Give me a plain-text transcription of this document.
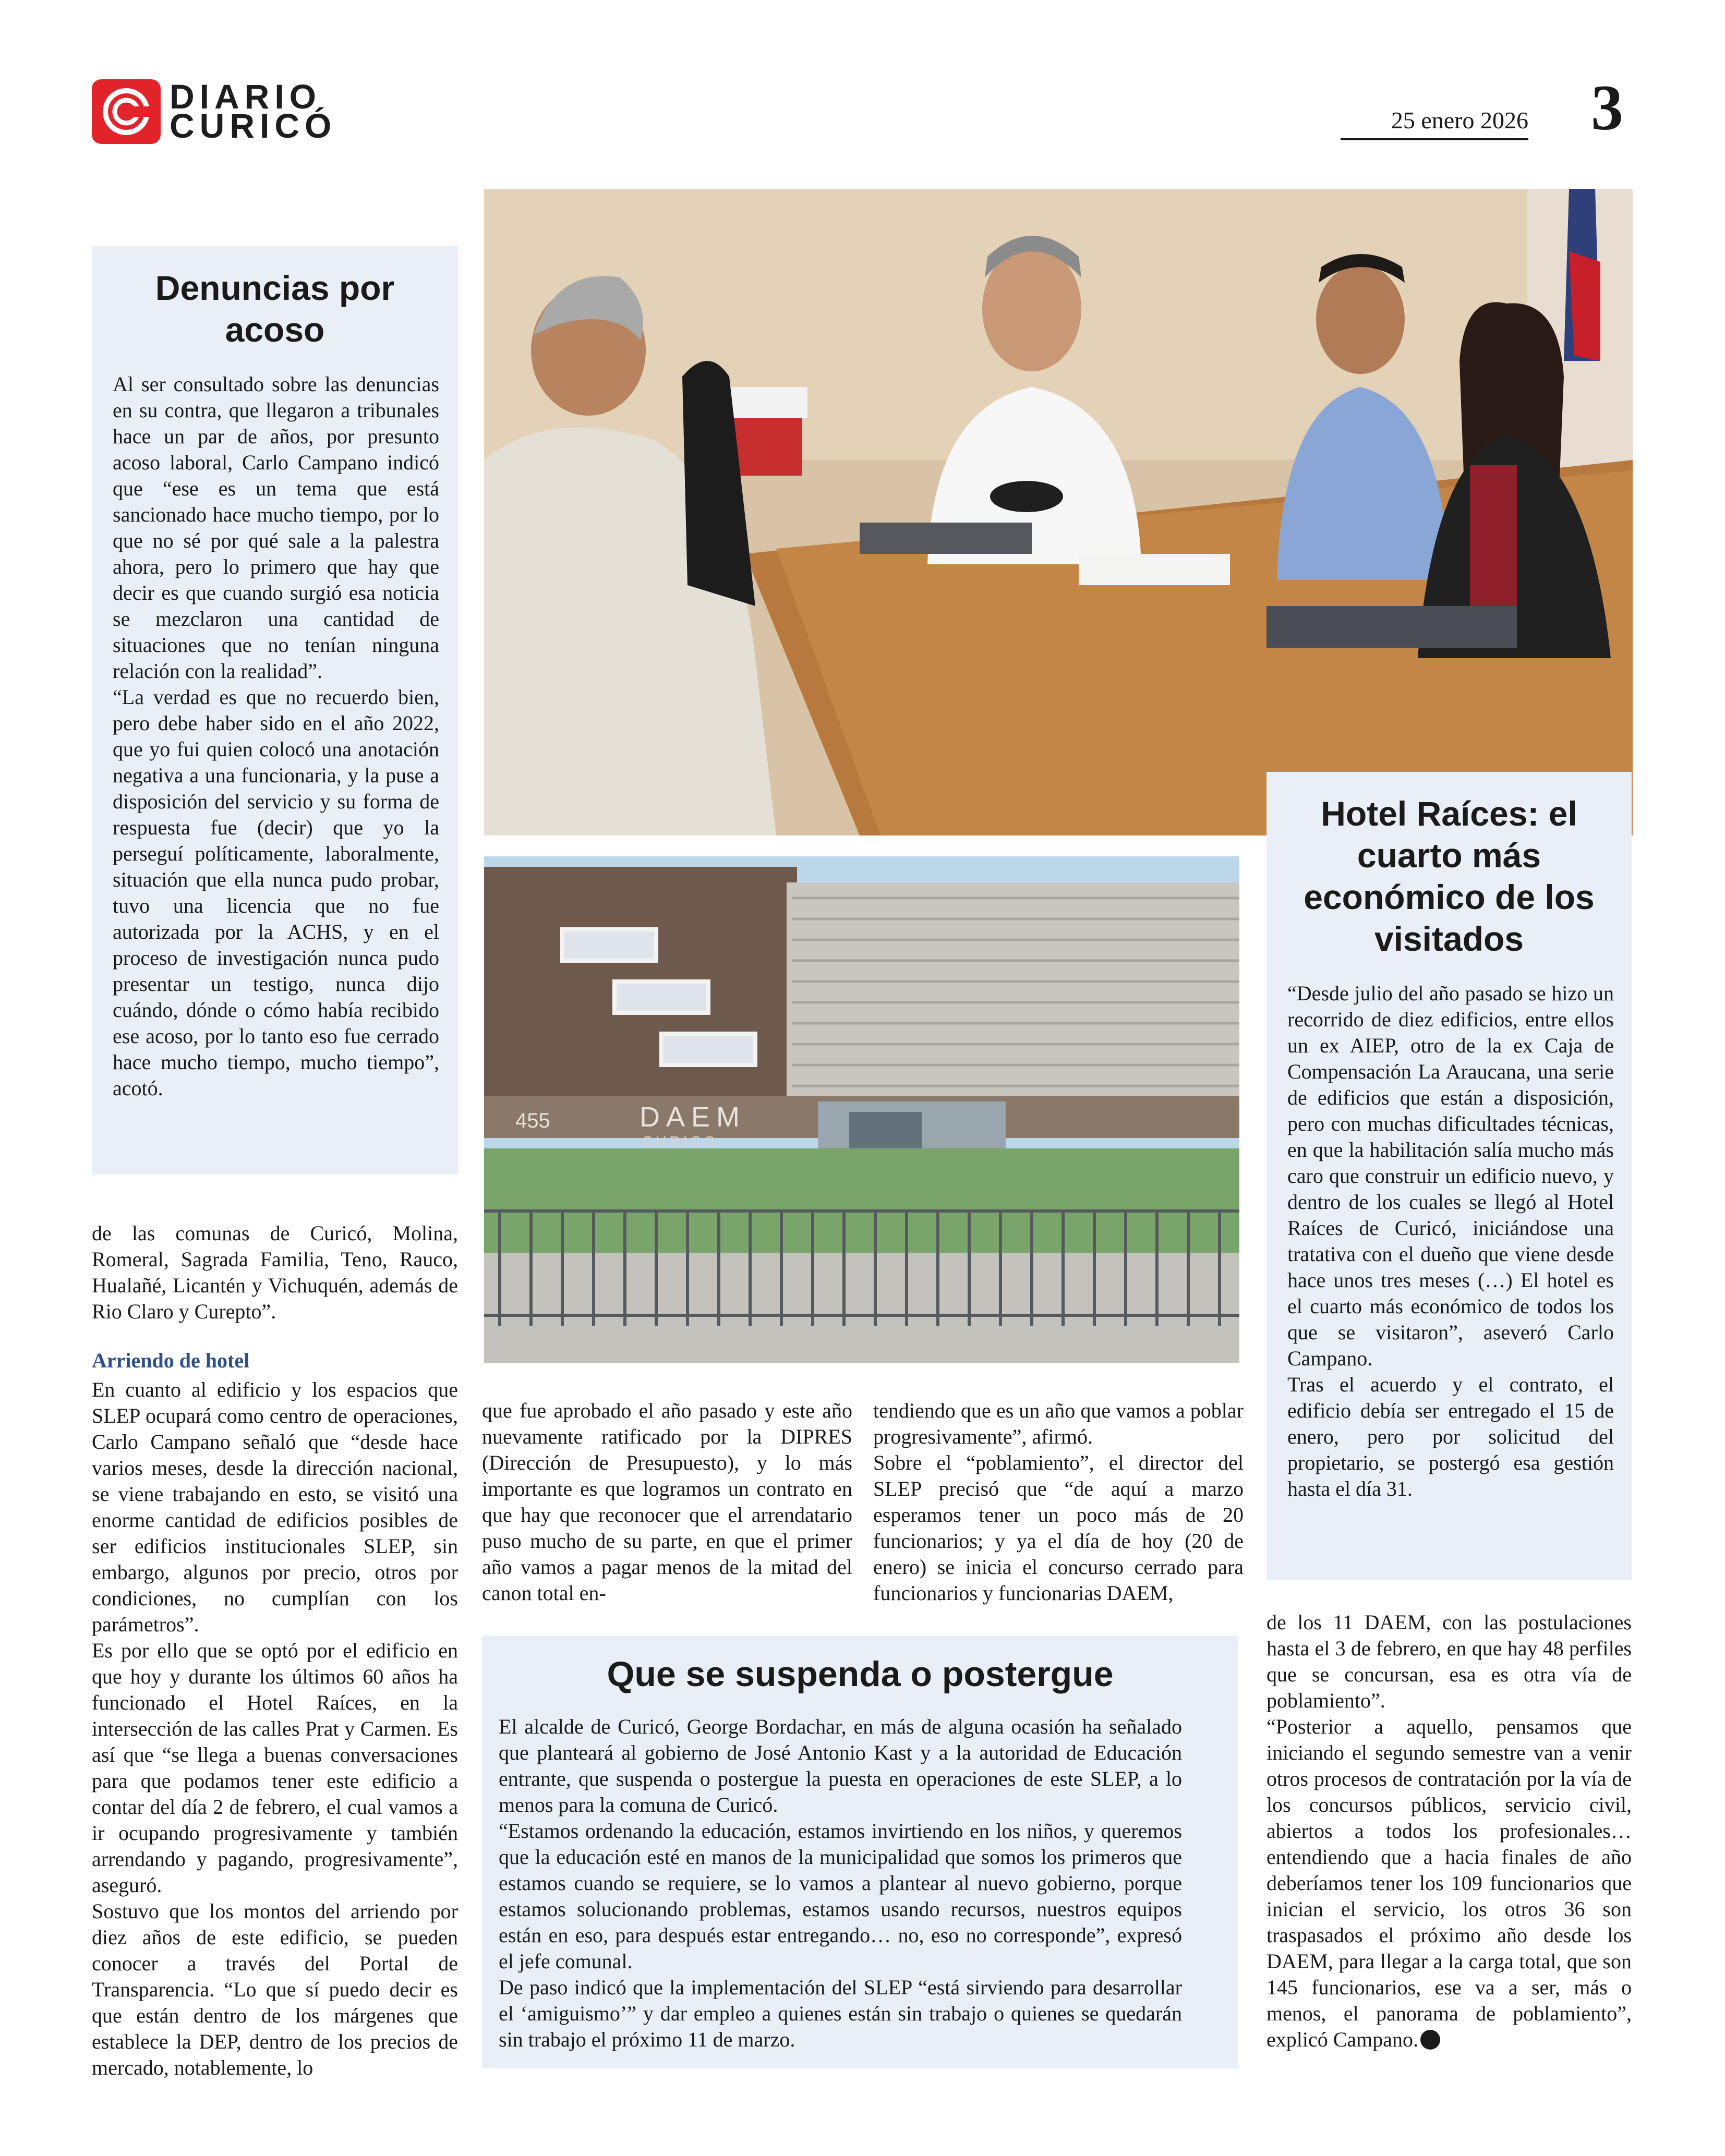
DIARIO
CURICÓ	25 enero 2026 3
455	DAEM
CURICO
Denuncias por acoso

Al ser consultado sobre las denuncias en su contra, que llegaron a tribunales hace un par de años, por presunto acoso laboral, Carlo Campano indicó que “ese es un tema que está sancionado hace mucho tiempo, por lo que no sé por qué sale a la palestra ahora, pero lo primero que hay que decir es que cuando surgió esa noticia se mezclaron una cantidad de situaciones que no tenían ninguna relación con la realidad”.

“La verdad es que no recuerdo bien, pero debe haber sido en el año 2022, que yo fui quien colocó una anotación negativa a una funcionaria, y la puse a disposición del servicio y su forma de respuesta fue (decir) que yo la perseguí políticamente, laboralmente, situación que ella nunca pudo probar, tuvo una licencia que no fue autorizada por la ACHS, y en el proceso de investigación nunca pudo presentar un testigo, nunca dijo cuándo, dónde o cómo había recibido ese acoso, por lo tanto eso fue cerrado hace mucho tiempo, mucho tiempo”, acotó.

Hotel Raíces: el cuarto más económico de los visitados

“Desde julio del año pasado se hizo un recorrido de diez edificios, entre ellos un ex AIEP, otro de la ex Caja de Compensación La Araucana, una serie de edificios que están a disposición, pero con muchas dificultades técnicas, en que la habilitación salía mucho más caro que construir un edificio nuevo, y dentro de los cuales se llegó al Hotel Raíces de Curicó, iniciándose una tratativa con el dueño que viene desde hace unos tres meses (…) El hotel es el cuarto más económico de todos los que se visitaron”, aseveró Carlo Campano.

Tras el acuerdo y el contrato, el edificio debía ser entregado el 15 de enero, pero por solicitud del propietario, se postergó esa gestión hasta el día 31.

de las comunas de Curicó, Molina, Romeral, Sagrada Familia, Teno, Rauco, Hualañé, Licantén y Vichuquén, además de Rio Claro y Curepto”.

Arriendo de hotel

En cuanto al edificio y los espacios que SLEP ocupará como centro de operaciones, Carlo Campano señaló que “desde hace varios meses, desde la dirección nacional, se viene trabajando en esto, se visitó una enorme cantidad de edificios posibles de ser edificios institucionales SLEP, sin embargo, algunos por precio, otros por condiciones, no cumplían con los parámetros”.

Es por ello que se optó por el edificio en que hoy y durante los últimos 60 años ha funcionado el Hotel Raíces, en la intersección de las calles Prat y Carmen. Es así que “se llega a buenas conversaciones para que podamos tener este edificio a contar del día 2 de febrero, el cual vamos a ir ocupando progresivamente y también arrendando y pagando, progresivamente”, aseguró.

Sostuvo que los montos del arriendo por diez años de este edificio, se pueden conocer a través del Portal de Transparencia. “Lo que sí puedo decir es que están dentro de los márgenes que establece la DEP, dentro de los precios de mercado, notablemente, lo

que fue aprobado el año pasado y este año nuevamente ratificado por la DIPRES (Dirección de Presupuesto), y lo más importante es que logramos un contrato en que hay que reconocer que el arrendatario puso mucho de su parte, en que el primer año vamos a pagar menos de la mitad del canon total en-

tendiendo que es un año que vamos a poblar progresivamente”, afirmó.

Sobre el “poblamiento”, el director del SLEP precisó que “de aquí a marzo esperamos tener un poco más de 20 funcionarios; y ya el día de hoy (20 de enero) se inicia el concurso cerrado para funcionarios y funcionarias DAEM,

Que se suspenda o postergue

El alcalde de Curicó, George Bordachar, en más de alguna ocasión ha señalado que planteará al gobierno de José Antonio Kast y a la autoridad de Educación entrante, que suspenda o postergue la puesta en operaciones de este SLEP, a lo menos para la comuna de Curicó.

“Estamos ordenando la educación, estamos invirtiendo en los niños, y queremos que la educación esté en manos de la municipalidad que somos los primeros que estamos cuando se requiere, se lo vamos a plantear al nuevo gobierno, porque estamos solucionando problemas, estamos usando recursos, nuestros equipos están en eso, para después estar entregando… no, eso no corresponde”, expresó el jefe comunal.

De paso indicó que la implementación del SLEP “está sirviendo para desarrollar el ‘amiguismo’” y dar empleo a quienes están sin trabajo o quienes se quedarán sin trabajo el próximo 11 de marzo.

de los 11 DAEM, con las postulaciones hasta el 3 de febrero, en que hay 48 perfiles que se concursan, esa es otra vía de poblamiento”.

“Posterior a aquello, pensamos que iniciando el segundo semestre van a venir otros procesos de contratación por la vía de los concursos públicos, servicio civil, abiertos a todos los profesionales… entendiendo que a hacia finales de año deberíamos tener los 109 funcionarios que inician el servicio, los otros 36 son traspasados el próximo año desde los DAEM, para llegar a la carga total, que son 145 funcionarios, ese va a ser, más o menos, el panorama de poblamiento”, explicó Campano.
